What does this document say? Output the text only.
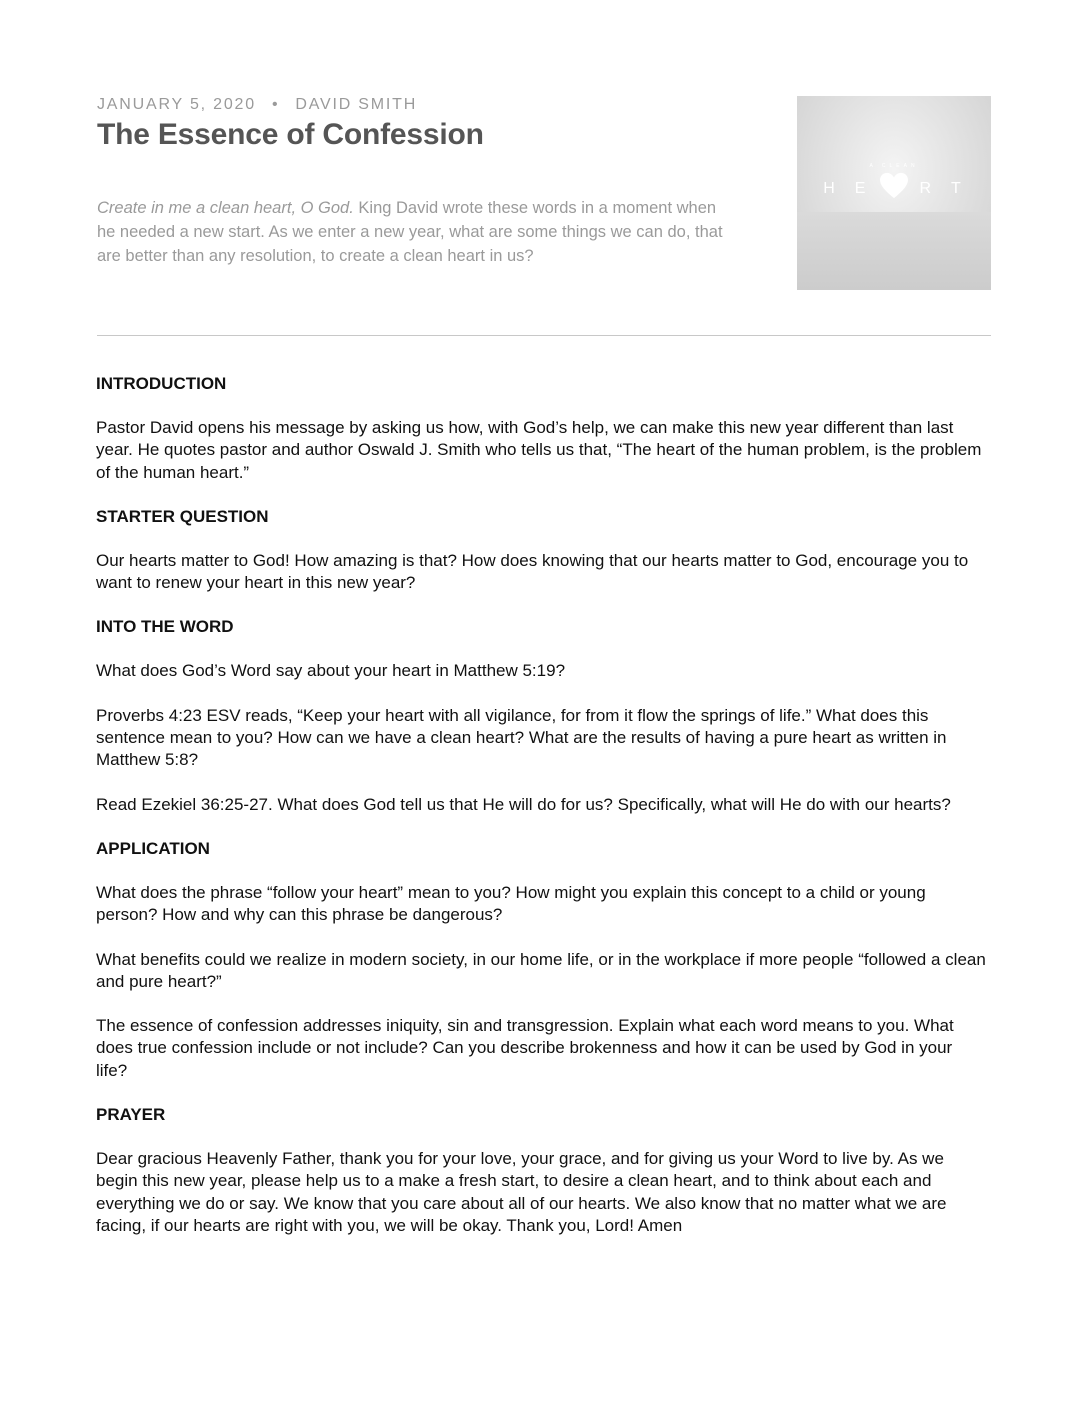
JANUARY 5, 2020 • DAVID SMITH
The Essence of Confession

Create in me a clean heart, O God. King David wrote these words in a moment when he needed a new start. As we enter a new year, what are some things we can do, that are better than any resolution, to create a clean heart in us?

A CLEAN
H E	R T
INTRODUCTION

Pastor David opens his message by asking us how, with God’s help, we can make this new year different than last year. He quotes pastor and author Oswald J. Smith who tells us that, “The heart of the human problem, is the problem of the human heart.”

STARTER QUESTION

Our hearts matter to God! How amazing is that? How does knowing that our hearts matter to God, encourage you to want to renew your heart in this new year?

INTO THE WORD

What does God’s Word say about your heart in Matthew 5:19?

Proverbs 4:23 ESV reads, “Keep your heart with all vigilance, for from it flow the springs of life.” What does this sentence mean to you? How can we have a clean heart? What are the results of having a pure heart as written in Matthew 5:8?

Read Ezekiel 36:25-27. What does God tell us that He will do for us? Specifically, what will He do with our hearts?

APPLICATION

What does the phrase “follow your heart” mean to you? How might you explain this concept to a child or young person? How and why can this phrase be dangerous?

What benefits could we realize in modern society, in our home life, or in the workplace if more people “followed a clean and pure heart?”

The essence of confession addresses iniquity, sin and transgression. Explain what each word means to you. What does true confession include or not include? Can you describe brokenness and how it can be used by God in your life?

PRAYER

Dear gracious Heavenly Father, thank you for your love, your grace, and for giving us your Word to live by. As we begin this new year, please help us to a make a fresh start, to desire a clean heart, and to think about each and everything we do or say. We know that you care about all of our hearts. We also know that no matter what we are facing, if our hearts are right with you, we will be okay. Thank you, Lord! Amen
